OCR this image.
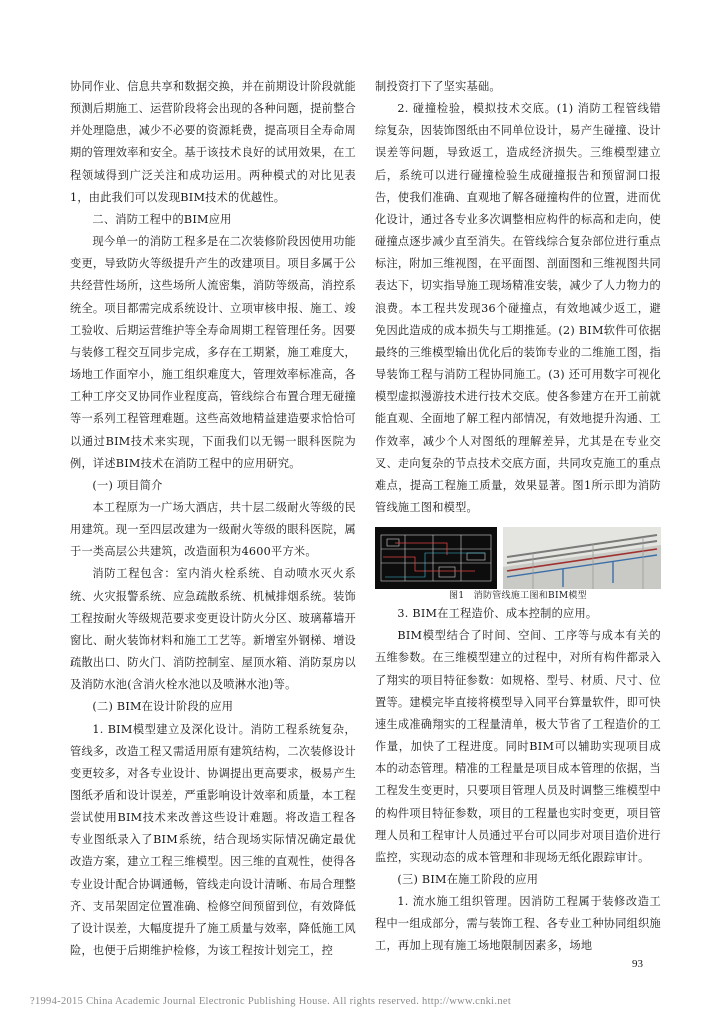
协同作业、信息共享和数据交换，并在前期设计阶段就能预测后期施工、运营阶段将会出现的各种问题，提前整合并处理隐患，减少不必要的资源耗费，提高项目全寿命周期的管理效率和安全。基于该技术良好的试用效果，在工程领域得到广泛关注和成功运用。两种模式的对比见表1，由此我们可以发现BIM技术的优越性。

二、消防工程中的BIM应用

现今单一的消防工程多是在二次装修阶段因使用功能变更，导致防火等级提升产生的改建项目。项目多属于公共经营性场所，这些场所人流密集，消防等级高，消控系统全。项目都需完成系统设计、立项审核申报、施工、竣工验收、后期运营维护等全寿命周期工程管理任务。因要与装修工程交互同步完成，多存在工期紧，施工难度大，场地工作面窄小，施工组织难度大，管理效率标准高，各工种工序交叉协同作业程度高，管线综合布置合理无碰撞等一系列工程管理难题。这些高效地精益建造要求恰恰可以通过BIM技术来实现，下面我们以无锡一眼科医院为例，详述BIM技术在消防工程中的应用研究。

(一) 项目简介

本工程原为一广场大酒店，共十层二级耐火等级的民用建筑。现一至四层改建为一级耐火等级的眼科医院，属于一类高层公共建筑，改造面积为4600平方米。

消防工程包含：室内消火栓系统、自动喷水灭火系统、火灾报警系统、应急疏散系统、机械排烟系统。装饰工程按耐火等级规范要求变更设计防火分区、玻璃幕墙开窗比、耐火装饰材料和施工工艺等。新增室外钢梯、增设疏散出口、防火门、消防控制室、屋顶水箱、消防泵房以及消防水池(含消火栓水池以及喷淋水池)等。

(二) BIM在设计阶段的应用

1. BIM模型建立及深化设计。消防工程系统复杂，管线多，改造工程又需适用原有建筑结构，二次装修设计变更较多，对各专业设计、协调提出更高要求，极易产生图纸矛盾和设计误差，严重影响设计效率和质量，本工程尝试使用BIM技术来改善这些设计难题。将改造工程各专业图纸录入了BIM系统，结合现场实际情况确定最优改造方案，建立工程三维模型。因三维的直观性，使得各专业设计配合协调通畅，管线走向设计清晰、布局合理整齐、支吊架固定位置准确、检修空间预留到位，有效降低了设计误差，大幅度提升了施工质量与效率，降低施工风险，也便于后期维护检修，为该工程按计划完工，控

制投资打下了坚实基础。

2. 碰撞检验，模拟技术交底。(1) 消防工程管线错综复杂，因装饰图纸由不同单位设计，易产生碰撞、设计误差等问题，导致返工，造成经济损失。三维模型建立后，系统可以进行碰撞检验生成碰撞报告和预留洞口报告，使我们准确、直观地了解各碰撞构件的位置，进而优化设计，通过各专业多次调整相应构件的标高和走向，使碰撞点逐步减少直至消失。在管线综合复杂部位进行重点标注，附加三维视图，在平面图、剖面图和三维视图共同表达下，切实指导施工现场精准安装，减少了人力物力的浪费。本工程共发现36个碰撞点，有效地减少返工，避免因此造成的成本损失与工期推延。(2) BIM软件可依据最终的三维模型输出优化后的装饰专业的二维施工图，指导装饰工程与消防工程协同施工。(3) 还可用数字可视化模型虚拟漫游技术进行技术交底。使各参建方在开工前就能直观、全面地了解工程内部情况，有效地提升沟通、工作效率，减少个人对图纸的理解差异，尤其是在专业交叉、走向复杂的节点技术交底方面，共同攻克施工的重点难点，提高工程施工质量，效果显著。图1所示即为消防管线施工图和模型。

图1　消防管线施工图和BIM模型

3. BIM在工程造价、成本控制的应用。

BIM模型结合了时间、空间、工序等与成本有关的五维参数。在三维模型建立的过程中，对所有构件都录入了翔实的项目特征参数：如规格、型号、材质、尺寸、位置等。建模完毕直接将模型导入同平台算量软件，即可快速生成准确翔实的工程量清单，极大节省了工程造价的工作量，加快了工程进度。同时BIM可以辅助实现项目成本的动态管理。精准的工程量是项目成本管理的依据，当工程发生变更时，只要项目管理人员及时调整三维模型中的构件项目特征参数，项目的工程量也实时变更，项目管理人员和工程审计人员通过平台可以同步对项目造价进行监控，实现动态的成本管理和非现场无纸化跟踪审计。

(三) BIM在施工阶段的应用

1. 流水施工组织管理。因消防工程属于装修改造工程中一组成部分，需与装饰工程、各专业工种协同组织施工，再加上现有施工场地限制因素多，场地

93
?1994-2015 China Academic Journal Electronic Publishing House. All rights reserved. http://www.cnki.net
